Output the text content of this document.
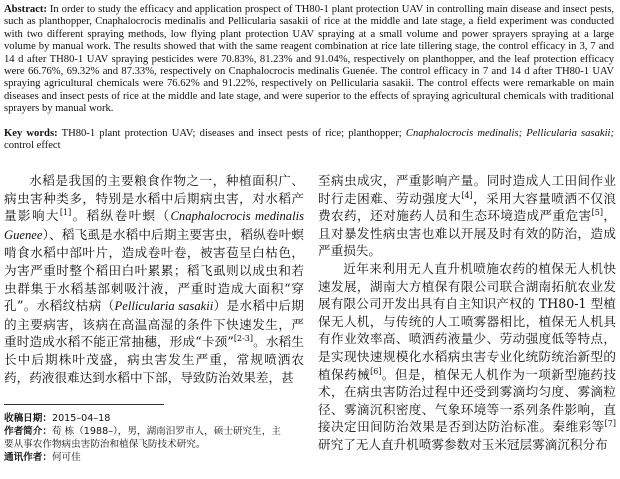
Abstract: In order to study the efficacy and application prospect of TH80-1 plant protection UAV in controlling main disease and insect pests, such as planthopper, Cnaphalocrocis medinalis and Pellicularia sasakii of rice at the middle and late stage, a field experiment was conducted with two different spraying methods, low flying plant protection UAV spraying at a small volume and power sprayers spraying at a large volume by manual work. The results showed that with the same reagent combination at rice late tillering stage, the control efficacy in 3, 7 and 14 d after TH80-1 UAV spraying pesticides were 70.83%, 81.23% and 91.04%, respectively on planthopper, and the leaf protection efficacy were 66.76%, 69.32% and 87.33%, respectively on Cnaphalocrocis medinalis Guenée. The control efficacy in 7 and 14 d after TH80-1 UAV spraying agricultural chemicals were 76.62% and 91.22%, respectively on Pellicularia sasakii. The control effects were remarkable on main diseases and insect pests of rice at the middle and late stage, and were superior to the effects of spraying agricultural chemicals with traditional sprayers by manual work.
Key words: TH80-1 plant protection UAV; diseases and insect pests of rice; planthopper; Cnaphalocrocis medinalis; Pellicularia sasakii; control effect

水稻是我国的主要粮食作物之一，种植面积广、病虫害种类多，特别是水稻中后期病虫害，对水稻产量影响大[1]。稻纵卷叶螟（Cnaphalocrocis medinalis Guenee）、稻飞虱是水稻中后期主要害虫，稻纵卷叶螟啃食水稻中部叶片，造成卷叶卷，被害苞呈白枯色，为害严重时整个稻田白叶累累；稻飞虱则以成虫和若虫群集于水稻基部刺吸汁液，严重时造成大面积“穿孔”。水稻纹枯病（Pellicularia sasakii）是水稻中后期的主要病害，该病在高温高湿的条件下快速发生，严重时造成水稻不能正常抽穗，形成“卡颈”[2-3]。水稻生长中后期株叶茂盛，病虫害发生严重，常规喷洒农药，药液很难达到水稻中下部，导致防治效果差，甚

至病虫成灾，严重影响产量。同时造成人工田间作业时行走困难、劳动强度大[4]，采用大容量喷洒不仅浪费农药，还对施药人员和生态环境造成严重危害[5]，且对暴发性病虫害也难以开展及时有效的防治，造成严重损失。

近年来利用无人直升机喷施农药的植保无人机快速发展，湖南大方植保有限公司联合湖南拓航农业发展有限公司开发出具有自主知识产权的 TH80-1 型植保无人机，与传统的人工喷雾器相比，植保无人机具有作业效率高、喷洒药液量少、劳动强度低等特点，是实现快速规模化水稻病虫害专业化统防统治新型的植保药械[6]。但是，植保无人机作为一项新型施药技术，在病虫害防治过程中还受到雾滴均匀度、雾滴粒径、雾滴沉积密度、气象环境等一系列条件影响，直接决定田间防治效果是否到达防治标准。秦维彩等[7]研究了无人直升机喷雾参数对玉米冠层雾滴沉积分布

收稿日期：2015–04–18
作者简介：荀 栋（1988–），男，湖南汨罗市人，硕士研究生，主
要从事农作物病虫害防治和植保飞防技术研究。
通讯作者：何可佳
